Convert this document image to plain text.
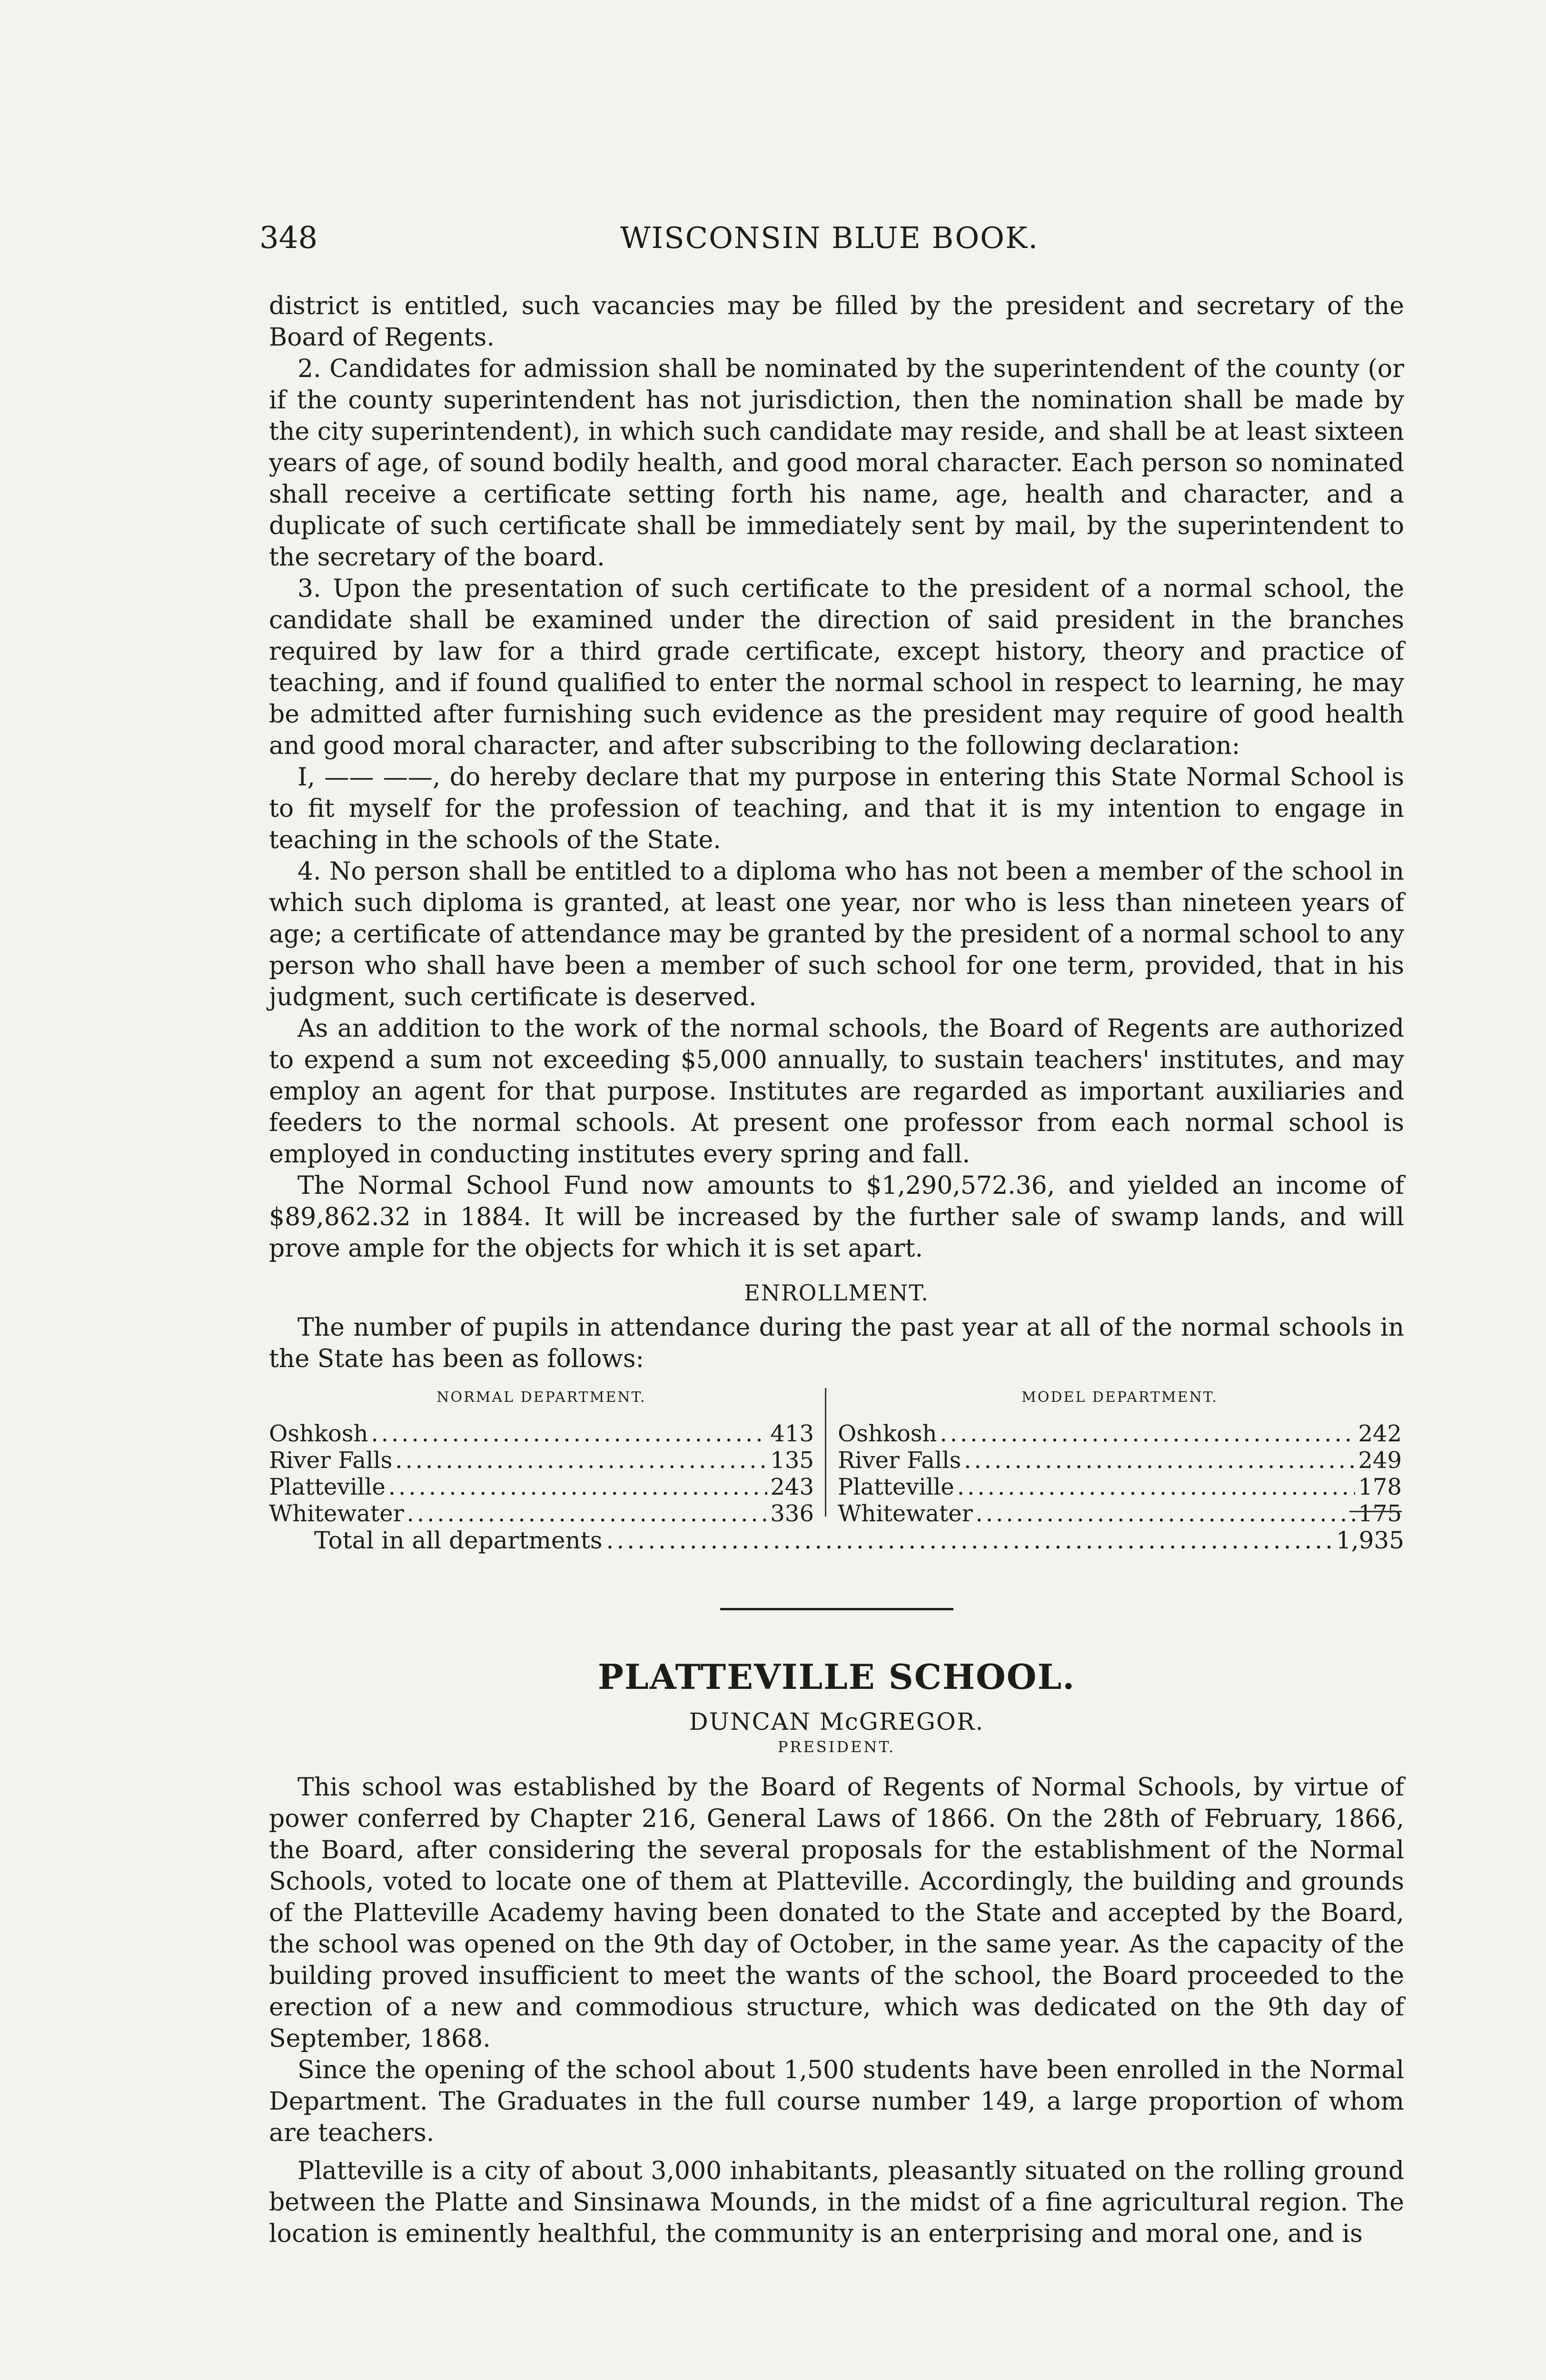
348	WISCONSIN BLUE BOOK.

district is entitled, such vacancies may be filled by the president and secretary of the Board of Regents.

2. Candidates for admission shall be nominated by the superintendent of the county (or if the county superintendent has not jurisdiction, then the nomination shall be made by the city superintendent), in which such candidate may reside, and shall be at least sixteen years of age, of sound bodily health, and good moral character. Each person so nominated shall receive a certificate setting forth his name, age, health and character, and a duplicate of such certificate shall be immediately sent by mail, by the superintendent to the secretary of the board.

3. Upon the presentation of such certificate to the president of a normal school, the candidate shall be examined under the direction of said president in the branches required by law for a third grade certificate, except history, theory and practice of teaching, and if found qualified to enter the normal school in respect to learning, he may be admitted after furnishing such evidence as the president may require of good health and good moral character, and after subscribing to the following declaration:

I, —— ——, do hereby declare that my purpose in entering this State Normal School is to fit myself for the profession of teaching, and that it is my intention to engage in teaching in the schools of the State.

4. No person shall be entitled to a diploma who has not been a member of the school in which such diploma is granted, at least one year, nor who is less than nineteen years of age; a certificate of attendance may be granted by the president of a normal school to any person who shall have been a member of such school for one term, provided, that in his judgment, such certificate is deserved.

As an addition to the work of the normal schools, the Board of Regents are authorized to expend a sum not exceeding $5,000 annually, to sustain teachers' institutes, and may employ an agent for that purpose. Institutes are regarded as important auxiliaries and feeders to the normal schools. At present one professor from each normal school is employed in conducting institutes every spring and fall.

The Normal School Fund now amounts to $1,290,572.36, and yielded an income of $89,862.32 in 1884. It will be increased by the further sale of swamp lands, and will prove ample for the objects for which it is set apart.

ENROLLMENT.

The number of pupils in attendance during the past year at all of the normal schools in the State has been as follows:

NORMAL DEPARTMENT.
Oshkosh .....	413
River Falls .....	135
Platteville .....	243
Whitewater .....	336
MODEL DEPARTMENT.
Oshkosh .....	242
River Falls .....	249
Platteville .....	178
Whitewater .....	175
Total in all departments .....	1,935
PLATTEVILLE SCHOOL.
DUNCAN McGREGOR.
PRESIDENT.

This school was established by the Board of Regents of Normal Schools, by virtue of power conferred by Chapter 216, General Laws of 1866. On the 28th of February, 1866, the Board, after considering the several proposals for the establishment of the Normal Schools, voted to locate one of them at Platteville. Accordingly, the building and grounds of the Platteville Academy having been donated to the State and accepted by the Board, the school was opened on the 9th day of October, in the same year. As the capacity of the building proved insufficient to meet the wants of the school, the Board proceeded to the erection of a new and commodious structure, which was dedicated on the 9th day of September, 1868.

Since the opening of the school about 1,500 students have been enrolled in the Normal Department. The Graduates in the full course number 149, a large proportion of whom are teachers.

Platteville is a city of about 3,000 inhabitants, pleasantly situated on the rolling ground between the Platte and Sinsinawa Mounds, in the midst of a fine agricultural region. The location is eminently healthful, the community is an enterprising and moral one, and is
